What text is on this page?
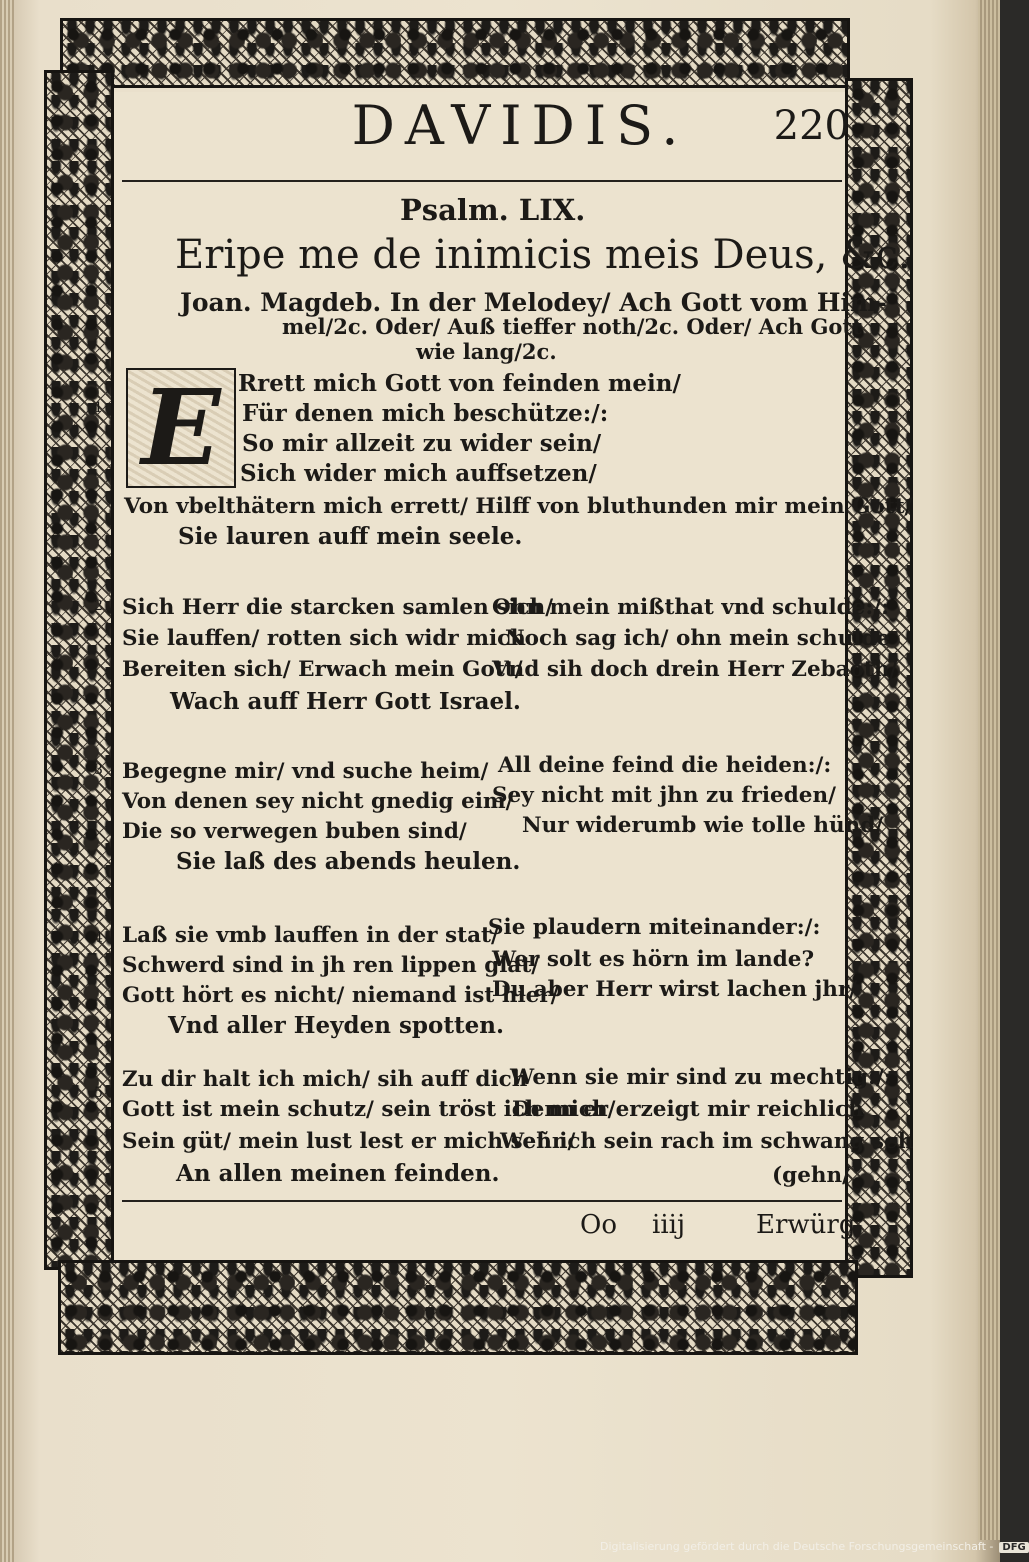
DAVIDIS.	220
Psalm. LIX.
Eripe me de inimicis meis Deus, &c.
Joan. Magdeb. In der Melodey/ Ach Gott vom Him-
mel/2c. Oder/ Auß tieffer noth/2c. Oder/ Ach Gott
wie lang/2c.
E
1
2
3
4
5
Rrett mich Gott von feinden mein/
Für denen mich beschütze:/:
So mir allzeit zu wider sein/
Sich wider mich auffsetzen/
Von vbelthätern mich errett/ Hilff von bluthunden mir mein Gott/
Sie lauren auff mein seele.
Sich Herr die starcken samlen sich/
Ohn mein mißthat vnd schulde:/:
Sie lauffen/ rotten sich widr mich
Noch sag ich/ ohn mein schulde
Bereiten sich/ Erwach mein Gott/
Vnd sih doch drein Herr Zebaoth/
Wach auff Herr Gott Israel.
Begegne mir/ vnd suche heim/ All deine feind die heiden:/:
Von denen sey nicht gnedig eim/
Sey nicht mit jhn zu frieden/
Die so verwegen buben sind/	Nur widerumb wie tolle hünd/
Sie laß des abends heulen.
Laß sie vmb lauffen in der stat/
Sie plaudern miteinander:/:
Schwerd sind in jh ren lippen glat/
Wer solt es hörn im lande?
Gott hört es nicht/ niemand ist hier/
Du aber Herr wirst lachen jhr/
Vnd aller Heyden spotten.
Zu dir halt ich mich/ sih auff dich
Wenn sie mir sind zu mechtig:/:
Gott ist mein schutz/ sein tröst ich mich/
Denn er erzeigt mir reichlich
Sein güt/ mein lust lest er mich sehn/
Weñ ich sein rach im schwang seh
An allen meinen feinden.	(gehn/
Oo iiij	Erwürg
Digitalisierung gefördert durch die Deutsche Forschungsgemeinschaft - DFG
